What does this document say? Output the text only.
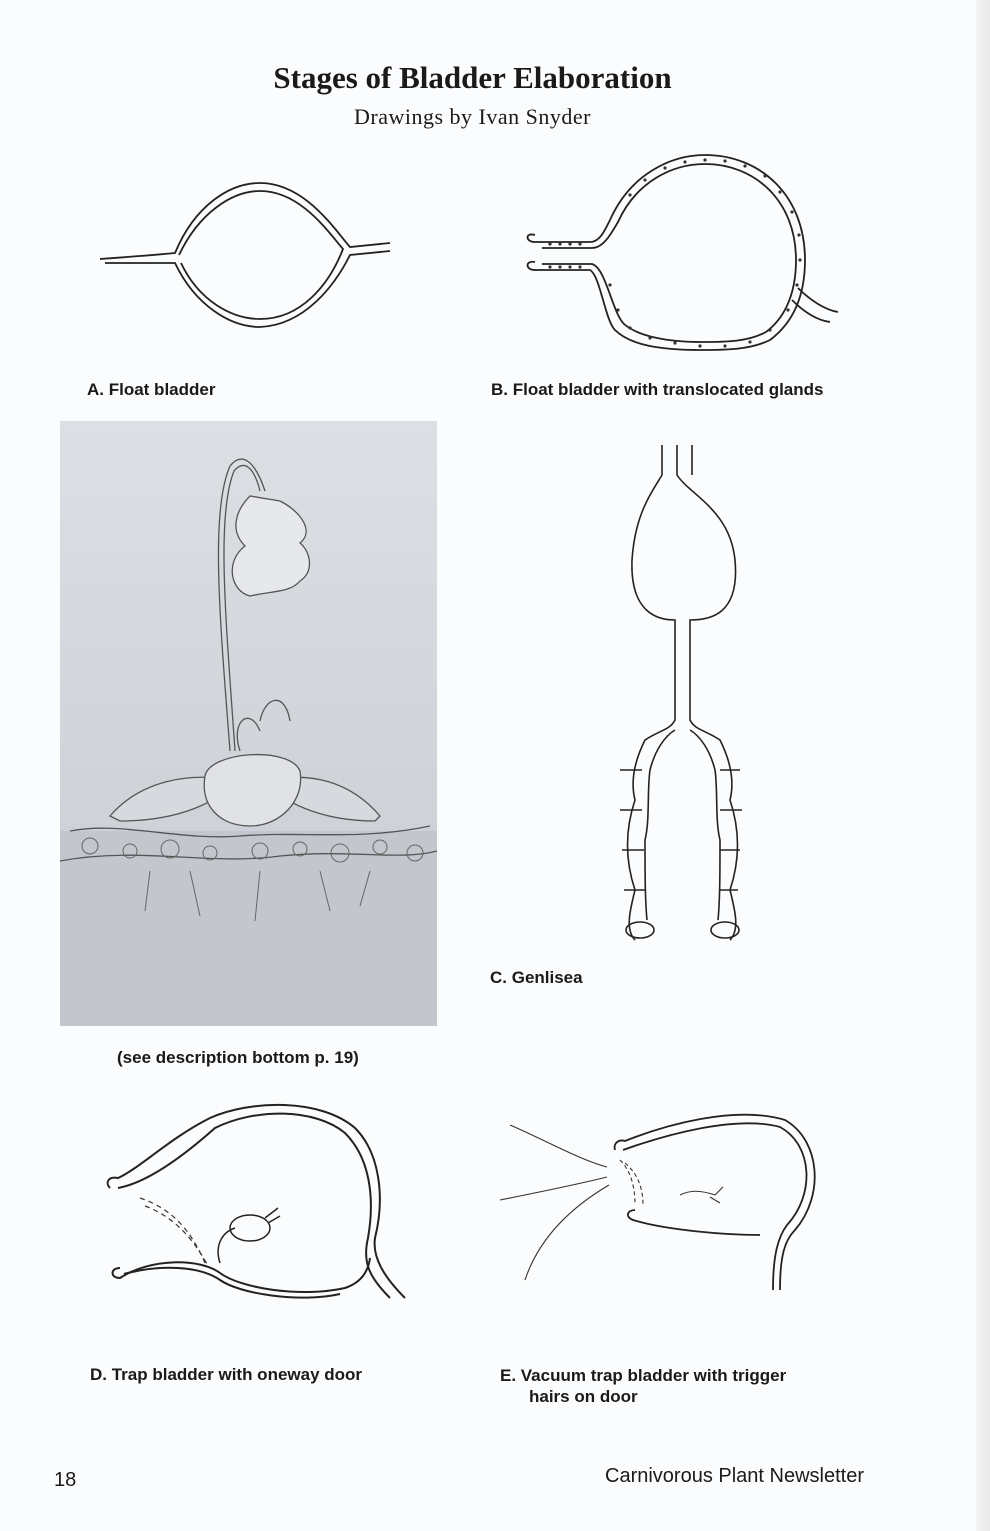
Stages of Bladder Elaboration
Drawings by Ivan Snyder
A. Float bladder	B. Float bladder with translocated glands
(see description bottom p. 19)
C. Genlisea
D. Trap bladder with oneway door	E. Vacuum trap bladder with trigger
hairs on door
18	Carnivorous Plant Newsletter
